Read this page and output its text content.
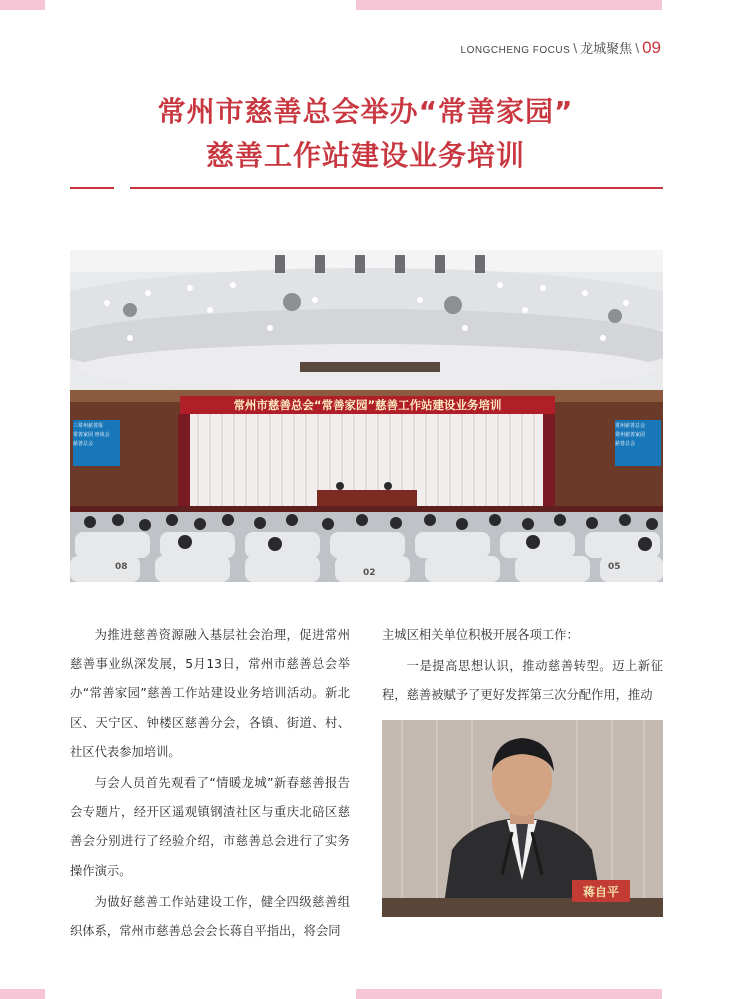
LONGCHENG FOCUS \ 龙城聚焦 \ 09
常州市慈善总会举办“常善家园”
慈善工作站建设业务培训
常州市慈善总会“常善家园”慈善工作站建设业务培训
三常州慈善报
常善家园 座谈会
慈善总会
常州慈善总会
常州慈善家园
慈善总会
08
02
05

为推进慈善资源融入基层社会治理，促进常州慈善事业纵深发展，5月13日，常州市慈善总会举办“常善家园”慈善工作站建设业务培训活动。新北区、天宁区、钟楼区慈善分会，各镇、街道、村、社区代表参加培训。

与会人员首先观看了“情暖龙城”新春慈善报告会专题片，经开区遥观镇钢渣社区与重庆北碚区慈善会分别进行了经验介绍，市慈善总会进行了实务操作演示。

为做好慈善工作站建设工作，健全四级慈善组织体系，常州市慈善总会会长蒋自平指出，将会同

主城区相关单位积极开展各项工作：

一是提高思想认识，推动慈善转型。迈上新征程，慈善被赋予了更好发挥第三次分配作用，推动

蒋自平
